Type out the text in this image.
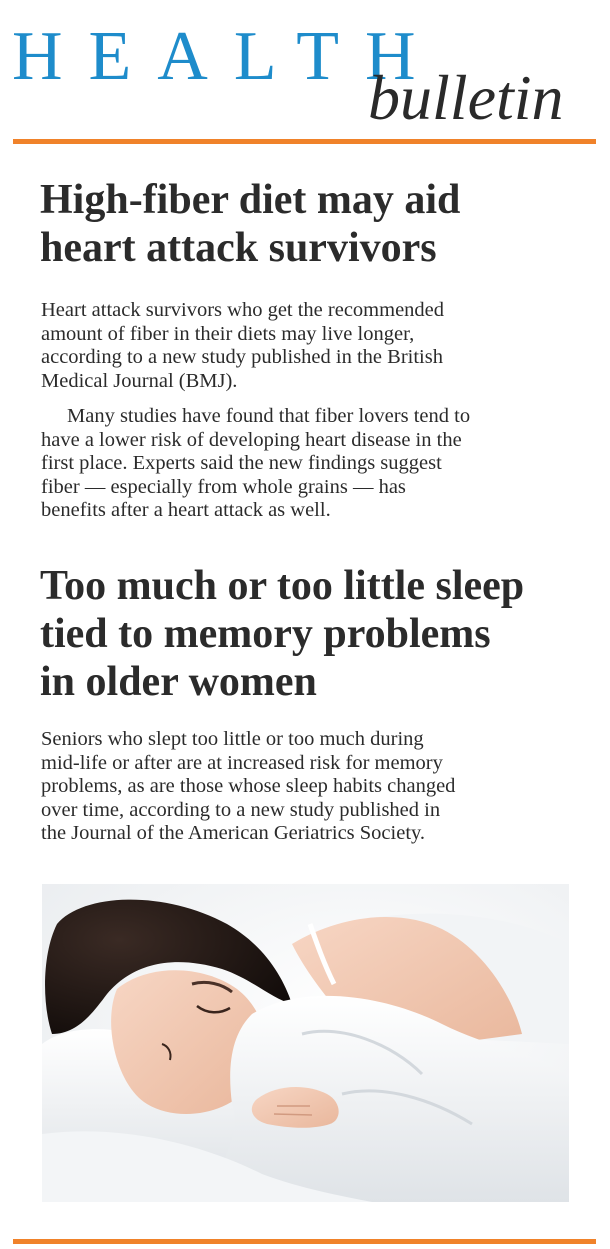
HEALTH
bulletin
High-fiber diet may aid
heart attack survivors

Heart attack survivors who get the recommended
amount of fiber in their diets may live longer,
according to a new study published in the British
Medical Journal (BMJ).

Many studies have found that fiber lovers tend to
have a lower risk of developing heart disease in the
first place. Experts said the new findings suggest
fiber — especially from whole grains — has
benefits after a heart attack as well.

Too much or too little sleep
tied to memory problems
in older women

Seniors who slept too little or too much during
mid-life or after are at increased risk for memory
problems, as are those whose sleep habits changed
over time, according to a new study published in
the Journal of the American Geriatrics Society.
